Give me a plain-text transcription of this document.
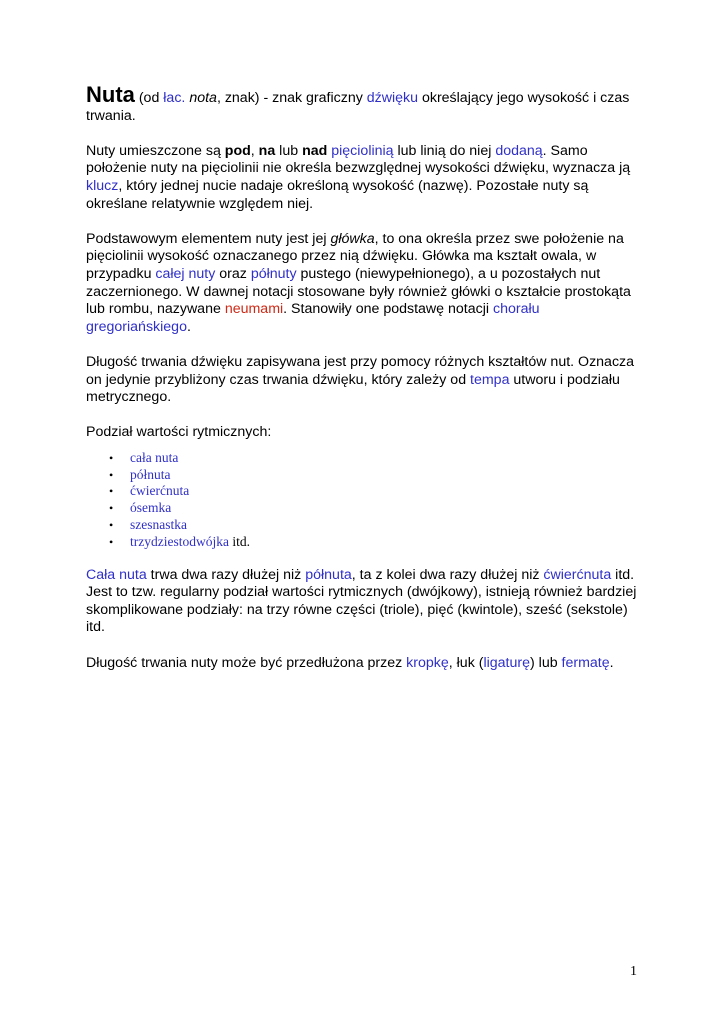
Nuta (od łac. nota, znak) - znak graficzny dźwięku określający jego wysokość i czas trwania.

Nuty umieszczone są pod, na lub nad pięciolinią lub linią do niej dodaną. Samo położenie nuty na pięciolinii nie określa bezwzględnej wysokości dźwięku, wyznacza ją klucz, który jednej nucie nadaje określoną wysokość (nazwę). Pozostałe nuty są określane relatywnie względem niej.

Podstawowym elementem nuty jest jej główka, to ona określa przez swe położenie na pięciolinii wysokość oznaczanego przez nią dźwięku. Główka ma kształt owala, w przypadku całej nuty oraz półnuty pustego (niewypełnionego), a u pozostałych nut zaczernionego. W dawnej notacji stosowane były również główki o kształcie prostokąta lub rombu, nazywane neumami. Stanowiły one podstawę notacji chorału gregoriańskiego.

Długość trwania dźwięku zapisywana jest przy pomocy różnych kształtów nut. Oznacza on jedynie przybliżony czas trwania dźwięku, który zależy od tempa utworu i podziału metrycznego.

Podział wartości rytmicznych:

• cała nuta
• półnuta
• ćwierćnuta
• ósemka
• szesnastka
• trzydziestodwójka itd.

Cała nuta trwa dwa razy dłużej niż półnuta, ta z kolei dwa razy dłużej niż ćwierćnuta itd.
Jest to tzw. regularny podział wartości rytmicznych (dwójkowy), istnieją również bardziej skomplikowane podziały: na trzy równe części (triole), pięć (kwintole), sześć (sekstole) itd.

Długość trwania nuty może być przedłużona przez kropkę, łuk (ligaturę) lub fermatę.

1
